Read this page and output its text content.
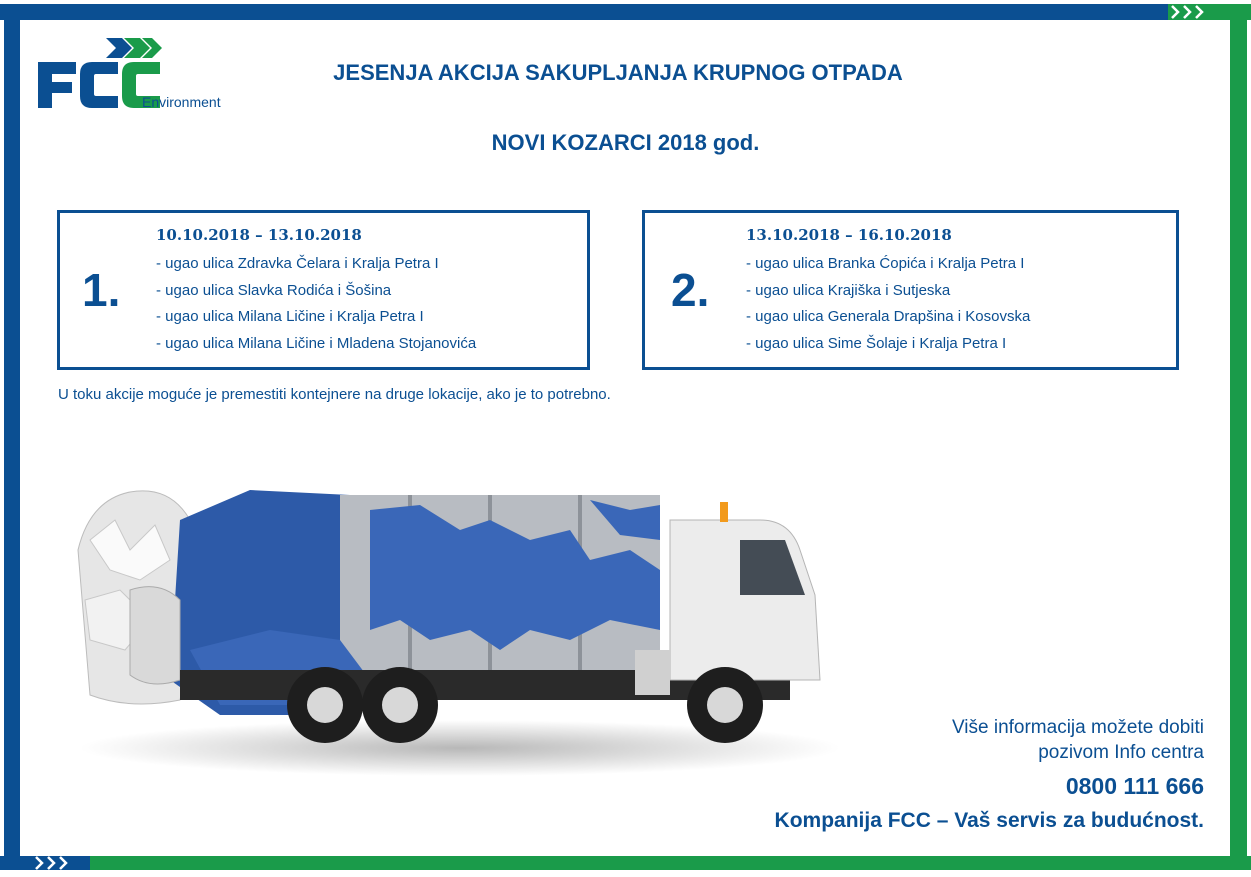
Environment
JESENJA AKCIJA SAKUPLJANJA KRUPNOG OTPADA
NOVI KOZARCI 2018 god.
1.
10.10.2018 – 13.10.2018
- ugao ulica Zdravka Čelara i Kralja Petra I
- ugao ulica Slavka Rodića i Šošina
- ugao ulica Milana Ličine i Kralja Petra I
- ugao ulica Milana Ličine i Mladena Stojanovića
2.
13.10.2018 – 16.10.2018
- ugao ulica Branka Ćopića i Kralja Petra I
- ugao ulica Krajiška i Sutjeska
- ugao ulica Generala Drapšina i Kosovska
- ugao ulica Sime Šolaje i Kralja Petra I
U toku akcije moguće je premestiti kontejnere na druge lokacije, ako je to potrebno.
Više informacija možete dobiti
pozivom Info centra
0800 111 666
Kompanija FCC – Vaš servis za budućnost.
